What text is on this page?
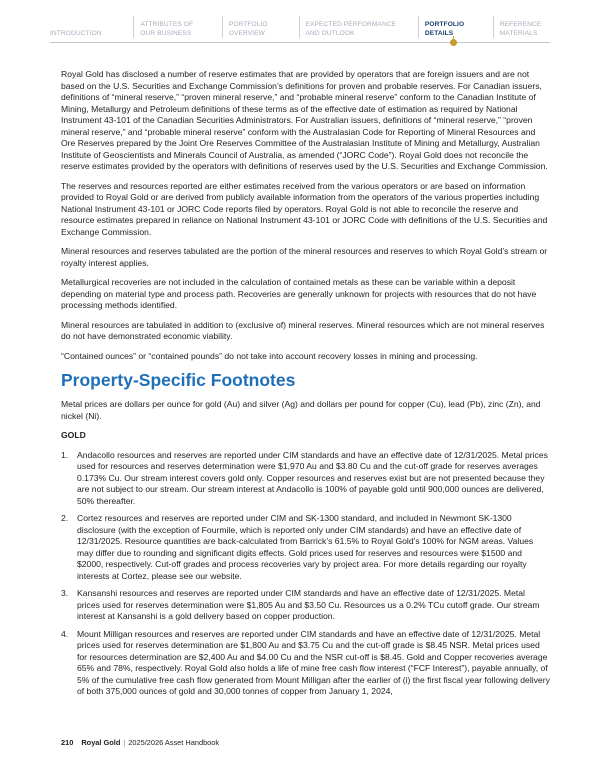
INTRODUCTION
ATTRIBUTES OF
OUR BUSINESS
PORTFOLIO
OVERVIEW
EXPECTED PERFORMANCE
AND OUTLOOK
PORTFOLIO
DETAILS
REFERENCE
MATERIALS

Royal Gold has disclosed a number of reserve estimates that are provided by operators that are foreign issuers and are not based on the U.S. Securities and Exchange Commission’s definitions for proven and probable reserves. For Canadian issuers, definitions of “mineral reserve,” “proven mineral reserve,” and “probable mineral reserve” conform to the Canadian Institute of Mining, Metallurgy and Petroleum definitions of these terms as of the effective date of estimation as required by National Instrument 43-101 of the Canadian Securities Administrators. For Australian issuers, definitions of “mineral reserve,” “proven mineral reserve,” and “probable mineral reserve” conform with the Australasian Code for Reporting of Mineral Resources and Ore Reserves prepared by the Joint Ore Reserves Committee of the Australasian Institute of Mining and Metallurgy, Australian Institute of Geoscientists and Minerals Council of Australia, as amended (“JORC Code”). Royal Gold does not reconcile the reserve estimates provided by the operators with definitions of reserves used by the U.S. Securities and Exchange Commission.

The reserves and resources reported are either estimates received from the various operators or are based on information provided to Royal Gold or are derived from publicly available information from the operators of the various properties including National Instrument 43-101 or JORC Code reports filed by operators. Royal Gold is not able to reconcile the reserve and resource estimates prepared in reliance on National Instrument 43-101 or JORC Code with definitions of the U.S. Securities and Exchange Commission.

Mineral resources and reserves tabulated are the portion of the mineral resources and reserves to which Royal Gold’s stream or royalty interest applies.

Metallurgical recoveries are not included in the calculation of contained metals as these can be variable within a deposit depending on material type and process path. Recoveries are generally unknown for projects with resources that do not have processing methods identified.

Mineral resources are tabulated in addition to (exclusive of) mineral reserves. Mineral resources which are not mineral reserves do not have demonstrated economic viability.

“Contained ounces” or “contained pounds” do not take into account recovery losses in mining and processing.

Property-Specific Footnotes

Metal prices are dollars per ounce for gold (Au) and silver (Ag) and dollars per pound for copper (Cu), lead (Pb), zinc (Zn), and nickel (Ni).

GOLD
1.	Andacollo resources and reserves are reported under CIM standards and have an effective date of 12/31/2025. Metal prices used for resources and reserves determination were $1,970 Au and $3.80 Cu and the cut-off grade for reserves averages 0.173% Cu. Our stream interest covers gold only. Copper resources and reserves exist but are not presented because they are not subject to our stream. Our stream interest at Andacollo is 100% of payable gold until 900,000 ounces are delivered, 50% thereafter.
2.	Cortez resources and reserves are reported under CIM and SK-1300 standard, and included in Newmont SK-1300 disclosure (with the exception of Fourmile, which is reported only under CIM standards) and have an effective date of 12/31/2025. Resource quantities are back-calculated from Barrick’s 61.5% to Royal Gold’s 100% for NGM areas. Values may differ due to rounding and significant digits effects. Gold prices used for reserves and resources were $1500 and $2000, respectively. Cut-off grades and process recoveries vary by project area. For more details regarding our royalty interests at Cortez, please see our website.
3.	Kansanshi resources and reserves are reported under CIM standards and have an effective date of 12/31/2025. Metal prices used for reserves determination were $1,805 Au and $3.50 Cu. Resources us a 0.2% TCu cutoff grade. Our stream interest at Kansanshi is a gold delivery based on copper production.
4.	Mount Milligan resources and reserves are reported under CIM standards and have an effective date of 12/31/2025. Metal prices used for reserves determination are $1,800 Au and $3.75 Cu and the cut-off grade is $8.45 NSR. Metal prices used for resources determination are $2,400 Au and $4.00 Cu and the NSR cut-off is $8.45. Gold and Copper recoveries average 65% and 78%, respectively. Royal Gold also holds a life of mine free cash flow interest (“FCF Interest”), payable annually, of 5% of the cumulative free cash flow generated from Mount Milligan after the earlier of (i) the first fiscal year following delivery of both 375,000 ounces of gold and 30,000 tonnes of copper from January 1, 2024,
210 Royal Gold | 2025/2026 Asset Handbook
